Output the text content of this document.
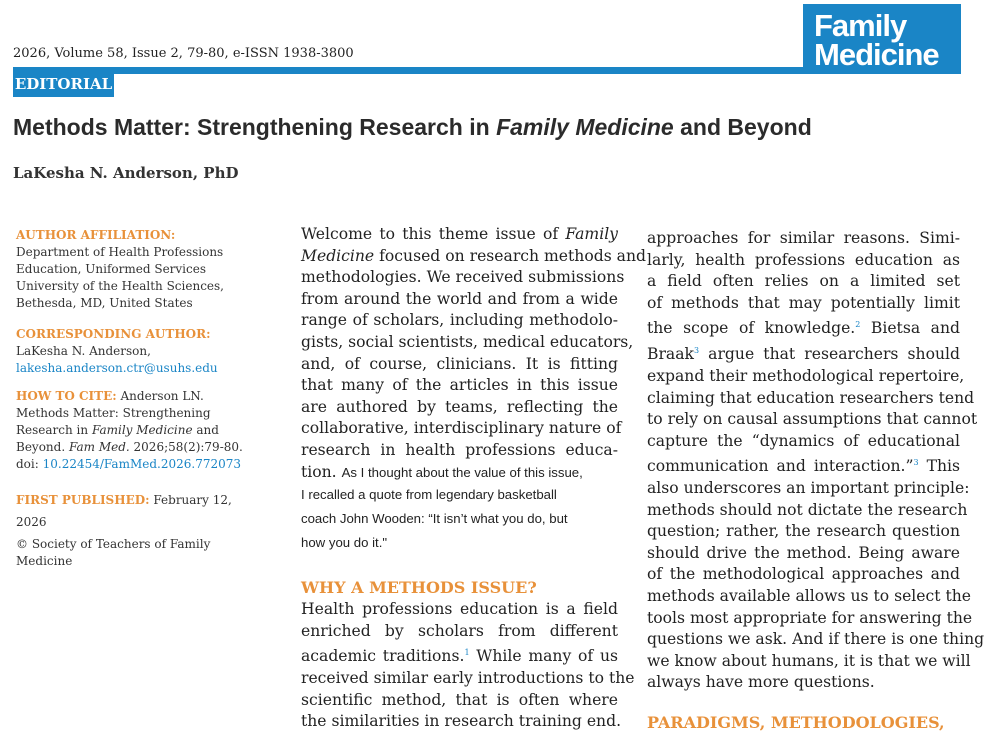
2026, Volume 58, Issue 2, 79-80, e-ISSN 1938-3800
Family
Medicine
EDITORIAL
Methods Matter: Strengthening Research in Family Medicine and Beyond
LaKesha N. Anderson, PhD
AUTHOR AFFILIATION:
Department of Health Professions
Education, Uniformed Services
University of the Health Sciences,
Bethesda, MD, United States
CORRESPONDING AUTHOR:
LaKesha N. Anderson,
lakesha.anderson.ctr@usuhs.edu
HOW TO CITE: Anderson LN.
Methods Matter: Strengthening
Research in Family Medicine and
Beyond. Fam Med. 2026;58(2):79-80.
doi: 10.22454/FamMed.2026.772073
FIRST PUBLISHED: February 12,
2026
© Society of Teachers of Family
Medicine
Welcome to this theme issue of Family
Medicine focused on research methods and
methodologies. We received submissions
from around the world and from a wide
range of scholars, including methodolo-
gists, social scientists, medical educators,
and, of course, clinicians. It is fitting
that many of the articles in this issue
are authored by teams, reflecting the
collaborative, interdisciplinary nature of
research in health professions educa-
tion. As I thought about the value of this issue,
I recalled a quote from legendary basketball
coach John Wooden: “It isn’t what you do, but
how you do it."
WHY A METHODS ISSUE?
Health professions education is a field
enriched by scholars from different
academic traditions.$^1$ While many of us
received similar early introductions to the
scientific method, that is often where
the similarities in research training end.
approaches for similar reasons. Simi-
larly, health professions education as
a field often relies on a limited set
of methods that may potentially limit
the scope of knowledge.$^2$ Bietsa and
Braak$^3$ argue that researchers should
expand their methodological repertoire,
claiming that education researchers tend
to rely on causal assumptions that cannot
capture the “dynamics of educational
communication and interaction.”$^3$ This
also underscores an important principle:
methods should not dictate the research
question; rather, the research question
should drive the method. Being aware
of the methodological approaches and
methods available allows us to select the
tools most appropriate for answering the
questions we ask. And if there is one thing
we know about humans, it is that we will
always have more questions.
PARADIGMS, METHODOLOGIES,
